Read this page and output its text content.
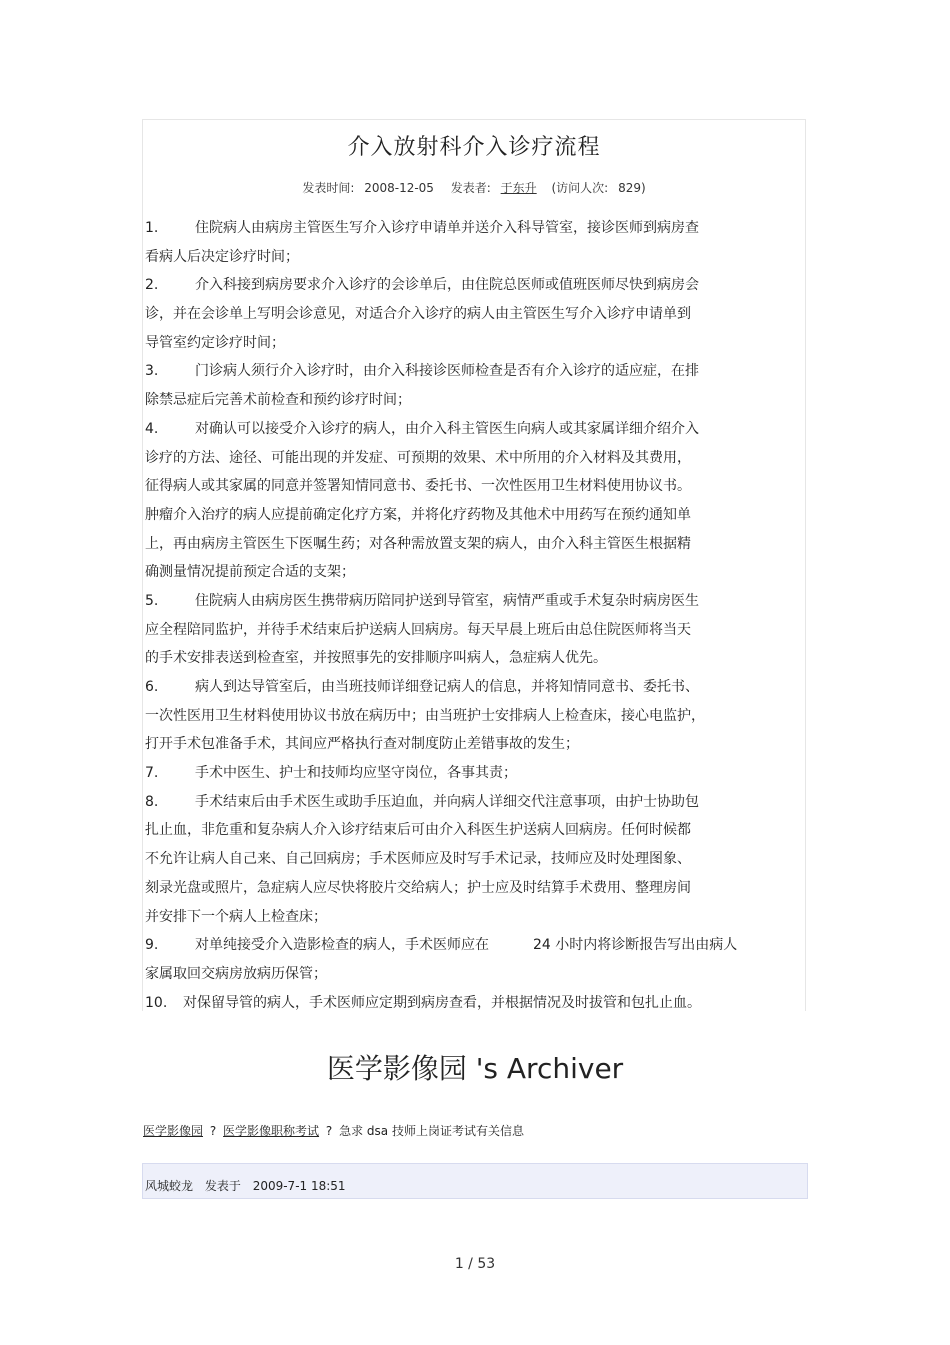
介入放射科介入诊疗流程
发表时间: 2008-12-05 发表者: 于东升 (访问人次: 829)
1.	住院病人由病房主管医生写介入诊疗申请单并送介入科导管室，接诊医师到病房查
看病人后决定诊疗时间；
2.	介入科接到病房要求介入诊疗的会诊单后，由住院总医师或值班医师尽快到病房会
诊，并在会诊单上写明会诊意见，对适合介入诊疗的病人由主管医生写介入诊疗申请单到
导管室约定诊疗时间；
3.	门诊病人须行介入诊疗时，由介入科接诊医师检查是否有介入诊疗的适应症，在排
除禁忌症后完善术前检查和预约诊疗时间；
4.	对确认可以接受介入诊疗的病人，由介入科主管医生向病人或其家属详细介绍介入
诊疗的方法、途径、可能出现的并发症、可预期的效果、术中所用的介入材料及其费用，
征得病人或其家属的同意并签署知情同意书、委托书、一次性医用卫生材料使用协议书。
肿瘤介入治疗的病人应提前确定化疗方案，并将化疗药物及其他术中用药写在预约通知单
上，再由病房主管医生下医嘱生药；对各种需放置支架的病人，由介入科主管医生根据精
确测量情况提前预定合适的支架；
5.	住院病人由病房医生携带病历陪同护送到导管室，病情严重或手术复杂时病房医生
应全程陪同监护，并待手术结束后护送病人回病房。每天早晨上班后由总住院医师将当天
的手术安排表送到检查室，并按照事先的安排顺序叫病人，急症病人优先。
6.	病人到达导管室后，由当班技师详细登记病人的信息，并将知情同意书、委托书、
一次性医用卫生材料使用协议书放在病历中；由当班护士安排病人上检查床，接心电监护，
打开手术包准备手术，其间应严格执行查对制度防止差错事故的发生；
7.	手术中医生、护士和技师均应坚守岗位，各事其责；
8.	手术结束后由手术医生或助手压迫血，并向病人详细交代注意事项，由护士协助包
扎止血，非危重和复杂病人介入诊疗结束后可由介入科医生护送病人回病房。任何时候都
不允许让病人自己来、自己回病房；手术医师应及时写手术记录，技师应及时处理图象、
刻录光盘或照片，急症病人应尽快将胶片交给病人；护士应及时结算手术费用、整理房间
并安排下一个病人上检查床；
9.	对单纯接受介入造影检查的病人，手术医师应在	24 小时内将诊断报告写出由病人
家属取回交病房放病历保管；
10. 对保留导管的病人，手术医师应定期到病房查看，并根据情况及时拔管和包扎止血。
医学影像园 's Archiver
医学影像园 ? 医学影像职称考试 ? 急求 dsa 技师上岗证考试有关信息
风城蛟龙 发表于 2009-7-1 18:51
1 / 53
